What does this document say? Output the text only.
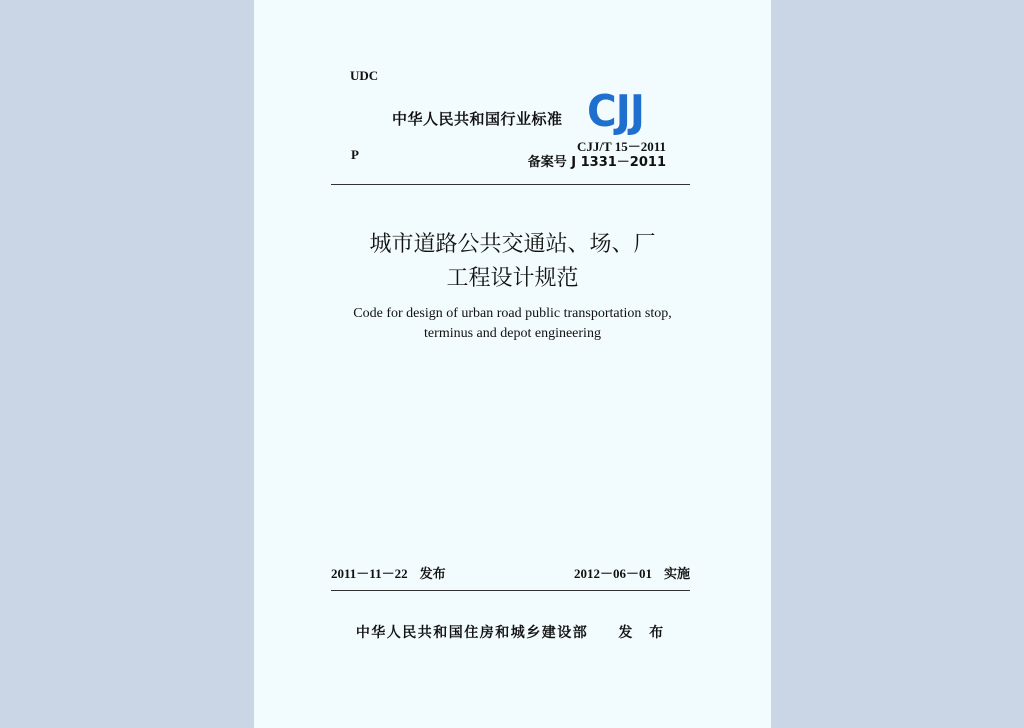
UDC
中华人民共和国行业标准 CJJ
P
CJJ/T 15－2011
备案号 J 1331－2011
城市道路公共交通站、场、厂
工程设计规范
Code for design of urban road public transportation stop,
terminus and depot engineering
2011－11－22 发布	2012－06－01 实施
中华人民共和国住房和城乡建设部 发 布
